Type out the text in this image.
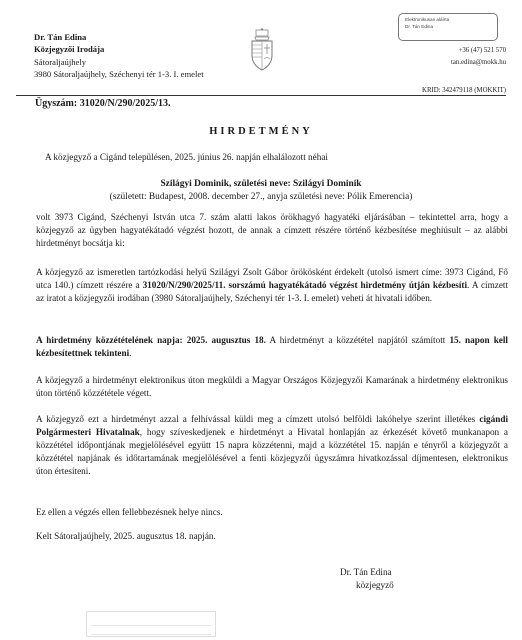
Dr. Tán Edina
Közjegyzői Irodája
Sátoraljaújhely
3980 Sátoraljaújhely, Széchenyi tér 1-3. I. emelet
Elektronikusan aláírta
Dr. Tán Edina
+36 (47) 521 570
tan.edina@mokk.hu
KRID: 342479118 (MOKKIT)
Ügyszám: 31020/N/290/2025/13.
HIRDETMÉNY
A közjegyző a Cigánd településen, 2025. június 26. napján elhalálozott néhai
Szilágyi Dominik, születési neve: Szilágyi Dominik
(született: Budapest, 2008. december 27., anyja születési neve: Pólik Emerencia)
volt 3973 Cigánd, Széchenyi István utca 7. szám alatti lakos örökhagyó hagyatéki eljárásában – tekintettel arra, hogy a közjegyző az ügyben hagyatékátadó végzést hozott, de annak a címzett részére történő kézbesítése meghiúsult – az alábbi hirdetményt bocsátja ki:
A közjegyző az ismeretlen tartózkodási helyű Szilágyi Zsolt Gábor örökösként érdekelt (utolsó ismert címe: 3973 Cigánd, Fő utca 140.) címzett részére a 31020/N/290/2025/11. sorszámú hagyatékátadó végzést hirdetmény útján kézbesíti. A címzett az iratot a közjegyzői irodában (3980 Sátoraljaújhely, Széchenyi tér 1-3. I. emelet) veheti át hivatali időben.
A hirdetmény közzétételének napja: 2025. augusztus 18. A hirdetményt a közzététel napjától számított 15. napon kell kézbesítettnek tekinteni.
A közjegyző a hirdetményt elektronikus úton megküldi a Magyar Országos Közjegyzői Kamarának a hirdetmény elektronikus úton történő közzététele végett.
A közjegyző ezt a hirdetményt azzal a felhívással küldi meg a címzett utolsó belföldi lakóhelye szerint illetékes cigándi Polgármesteri Hivatalnak, hogy szíveskedjenek e hirdetményt a Hivatal honlapján az érkezését követő munkanapon a közzététel időpontjának megjelölésével együtt 15 napra közzétenni, majd a közzététel 15. napján e tényről a közjegyzőt a közzététel napjának és időtartamának megjelölésével a fenti közjegyzői ügyszámra hivatkozással díjmentesen, elektronikus úton értesíteni.
Ez ellen a végzés ellen fellebbezésnek helye nincs.
Kelt Sátoraljaújhely, 2025. augusztus 18. napján.
Dr. Tán Edina
közjegyző
